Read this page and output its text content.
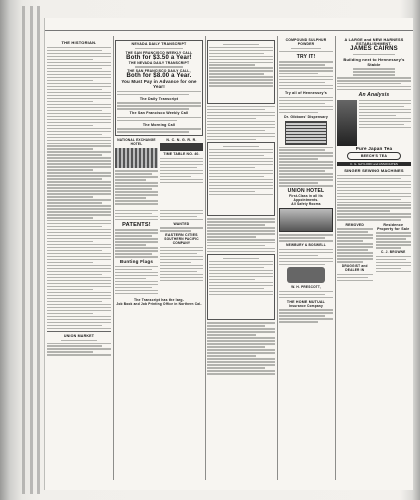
THE HISTORIAN.
UNION MARKET
NEVADA DAILY TRANSCRIPT
THE SAN FRANCISCO WEEKLY CALL
Both for $3.50 a Year!
THE NEVADA DAILY TRANSCRIPT
THE SAN FRANCISCO DAILY CALL,
Both for $8.00 a Year.
You Must Pay in Advance for one Year!
The Daily Transcript
The San Francisco Weekly Call
The Morning Call
NATIONAL EXCHANGE HOTEL
N. C. N. G. R. R.
TIME TABLE NO. 40.
PATENTS!
Bunting Flags
WANTED
EASTERN CITIES
SOUTHERN PACIFIC COMPANY
The Transcript has the larg-
Job Book and Job Printing Office in Northern Cal-
COMPOUND SULPHUR POWDER
TRY IT!
Try all of Hennessey's
Dr. Gibbons' Dispensary
UNION HOTEL
First-Class in all Its Appointments.
All Safety Rooms
NEWBURY & BOSWELL
W. H. PRESCOTT,
THE HOME MUTUAL
Insurance Company
A LARGE and NEW HARNESS ESTABLISHMENT.
JAMES CAIRNS
Building next to Hennessey's Stable
An Analysis
Pure Japan Tea
BEECH'S TEA
C. G. GAYLORD and ASSOCIATES
SINGER SEWING MACHINES
REMOVED
DRUGGIST and DEALER IN
Residence Property for Sale
C. J. BROWNE
